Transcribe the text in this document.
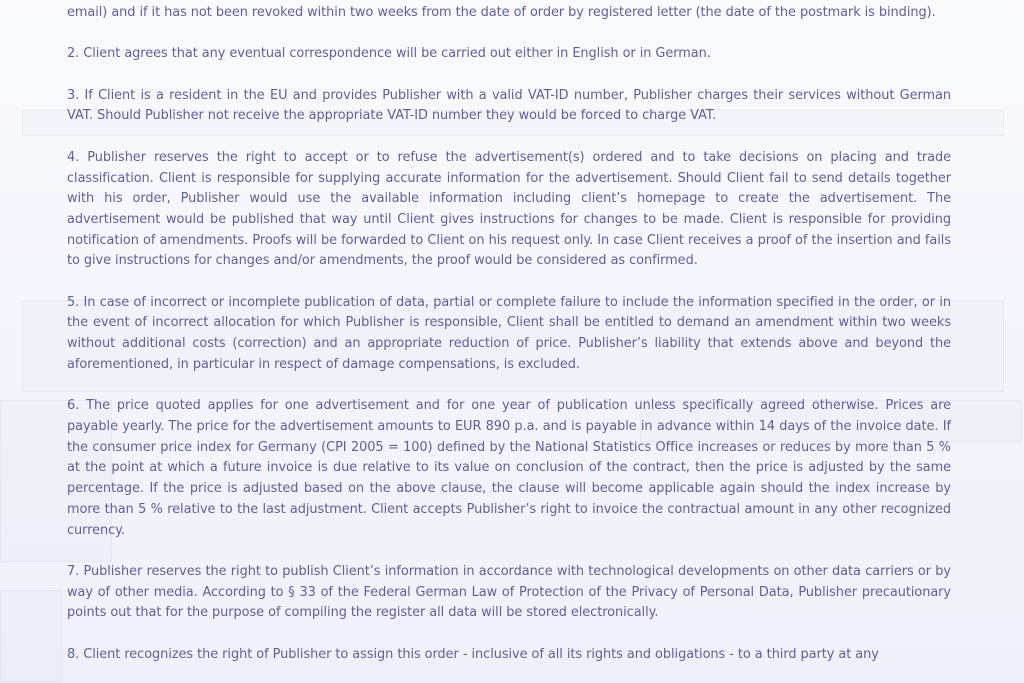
email) and if it has not been revoked within two weeks from the date of order by registered letter (the date of the postmark is binding).

2. Client agrees that any eventual correspondence will be carried out either in English or in German.

3. If Client is a resident in the EU and provides Publisher with a valid VAT-ID number, Publisher charges their services without German VAT. Should Publisher not receive the appropriate VAT-ID number they would be forced to charge VAT.

4. Publisher reserves the right to accept or to refuse the advertisement(s) ordered and to take decisions on placing and trade classification. Client is responsible for supplying accurate information for the advertisement. Should Client fail to send details together with his order, Publisher would use the available information including client’s homepage to create the advertisement. The advertisement would be published that way until Client gives instructions for changes to be made. Client is responsible for providing notification of amendments. Proofs will be forwarded to Client on his request only. In case Client receives a proof of the insertion and fails to give instructions for changes and/or amendments, the proof would be considered as confirmed.

5. In case of incorrect or incomplete publication of data, partial or complete failure to include the information specified in the order, or in the event of incorrect allocation for which Publisher is responsible, Client shall be entitled to demand an amendment within two weeks without additional costs (correction) and an appropriate reduction of price. Publisher’s liability that extends above and beyond the aforementioned, in particular in respect of damage compensations, is excluded.

6. The price quoted applies for one advertisement and for one year of publication unless specifically agreed otherwise. Prices are payable yearly. The price for the advertisement amounts to EUR 890 p.a. and is payable in advance within 14 days of the invoice date. If the consumer price index for Germany (CPI 2005 = 100) defined by the National Statistics Office increases or reduces by more than 5 % at the point at which a future invoice is due relative to its value on conclusion of the contract, then the price is adjusted by the same percentage. If the price is adjusted based on the above clause, the clause will become applicable again should the index increase by more than 5 % relative to the last adjustment. Client accepts Publisher’s right to invoice the contractual amount in any other recognized currency.

7. Publisher reserves the right to publish Client’s information in accordance with technological developments on other data carriers or by way of other media. According to § 33 of the Federal German Law of Protection of the Privacy of Personal Data, Publisher precautionary points out that for the purpose of compiling the register all data will be stored electronically.

8. Client recognizes the right of Publisher to assign this order - inclusive of all its rights and obligations - to a third party at any
